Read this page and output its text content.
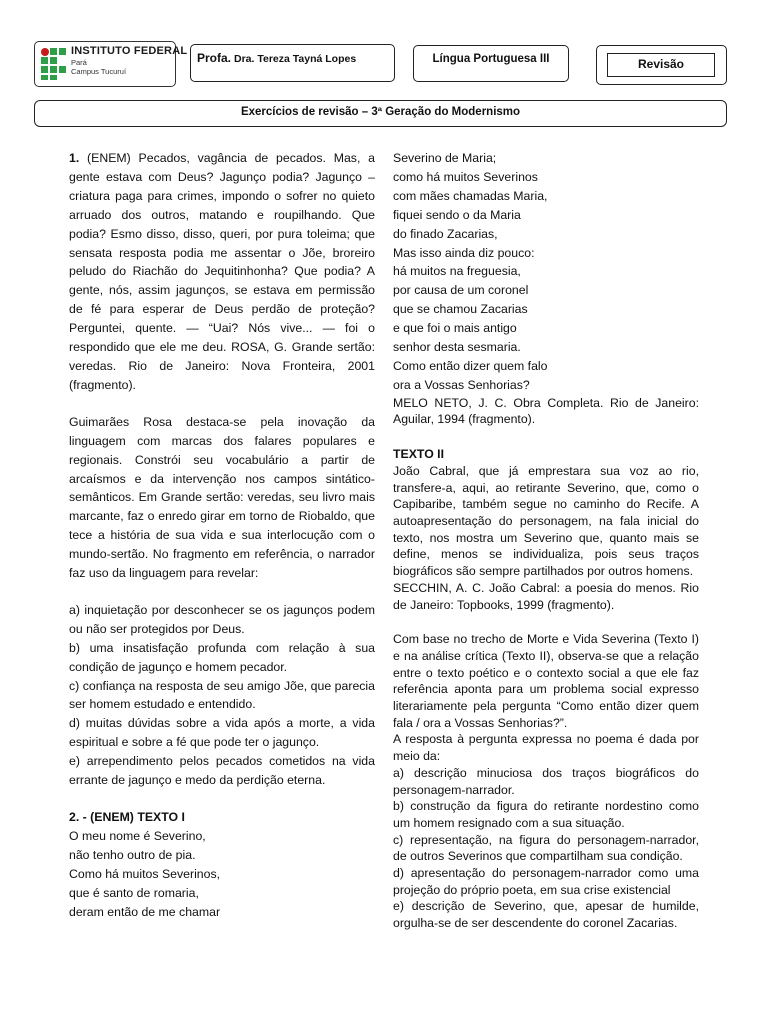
INSTITUTO FEDERAL
Pará
Campus Tucuruí
Profa. Dra. Tereza Tayná Lopes	Língua Portuguesa III	Revisão
Exercícios de revisão – 3ª Geração do Modernismo

1. (ENEM) Pecados, vagância de pecados. Mas, a gente estava com Deus? Jagunço podia? Jagunço – criatura paga para crimes, impondo o sofrer no quieto arruado dos outros, matando e roupilhando. Que podia? Esmo disso, disso, queri, por pura toleima; que sensata resposta podia me assentar o Jõe, broreiro peludo do Riachão do Jequitinhonha? Que podia? A gente, nós, assim jagunços, se estava em permissão de fé para esperar de Deus perdão de proteção? Perguntei, quente. — “Uai? Nós vive... — foi o respondido que ele me deu. ROSA, G. Grande sertão: veredas. Rio de Janeiro: Nova Fronteira, 2001 (fragmento).

Guimarães Rosa destaca-se pela inovação da linguagem com marcas dos falares populares e regionais. Constrói seu vocabulário a partir de arcaísmos e da intervenção nos campos sintático-semânticos. Em Grande sertão: veredas, seu livro mais marcante, faz o enredo girar em torno de Riobaldo, que tece a história de sua vida e sua interlocução com o mundo-sertão. No fragmento em referência, o narrador faz uso da linguagem para revelar:

a) inquietação por desconhecer se os jagunços podem ou não ser protegidos por Deus.

b) uma insatisfação profunda com relação à sua condição de jagunço e homem pecador.

c) confiança na resposta de seu amigo Jõe, que parecia ser homem estudado e entendido.

d) muitas dúvidas sobre a vida após a morte, a vida espiritual e sobre a fé que pode ter o jagunço.

e) arrependimento pelos pecados cometidos na vida errante de jagunço e medo da perdição eterna.

2. - (ENEM) TEXTO I

O meu nome é Severino,

não tenho outro de pia.

Como há muitos Severinos,

que é santo de romaria,

deram então de me chamar

Severino de Maria;

como há muitos Severinos

com mães chamadas Maria,

fiquei sendo o da Maria

do finado Zacarias,

Mas isso ainda diz pouco:

há muitos na freguesia,

por causa de um coronel

que se chamou Zacarias

e que foi o mais antigo

senhor desta sesmaria.

Como então dizer quem falo

ora a Vossas Senhorias?

MELO NETO, J. C. Obra Completa. Rio de Janeiro: Aguilar, 1994 (fragmento).

TEXTO II

João Cabral, que já emprestara sua voz ao rio, transfere-a, aqui, ao retirante Severino, que, como o Capibaribe, também segue no caminho do Recife. A autoapresentação do personagem, na fala inicial do texto, nos mostra um Severino que, quanto mais se define, menos se individualiza, pois seus traços biográficos são sempre partilhados por outros homens.

SECCHIN, A. C. João Cabral: a poesia do menos. Rio de Janeiro: Topbooks, 1999 (fragmento).

Com base no trecho de Morte e Vida Severina (Texto I) e na análise crítica (Texto II), observa-se que a relação entre o texto poético e o contexto social a que ele faz referência aponta para um problema social expresso literariamente pela pergunta “Como então dizer quem fala / ora a Vossas Senhorias?”.

A resposta à pergunta expressa no poema é dada por meio da:

a) descrição minuciosa dos traços biográficos do personagem-narrador.

b) construção da figura do retirante nordestino como um homem resignado com a sua situação.

c) representação, na figura do personagem-narrador, de outros Severinos que compartilham sua condição.

d) apresentação do personagem-narrador como uma projeção do próprio poeta, em sua crise existencial

e) descrição de Severino, que, apesar de humilde, orgulha-se de ser descendente do coronel Zacarias.
